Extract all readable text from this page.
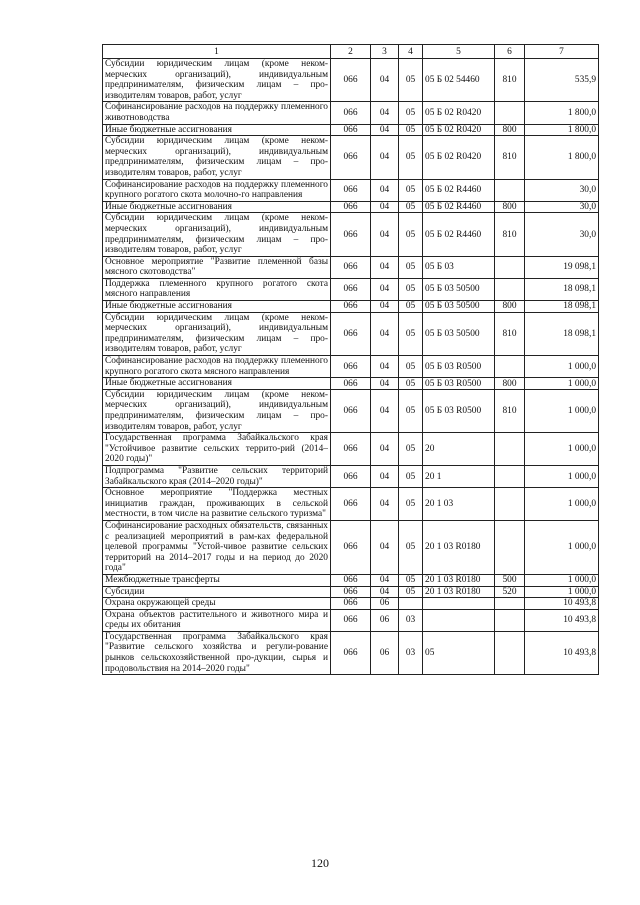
1	2	3	4	5	6	7
Субсидии юридическим лицам (кроме неком-мерческих организаций), индивидуальным предпринимателям, физическим лицам – про-изводителям товаров, работ, услуг	066	04	05	05 Б 02 54460	810	535,9
Софинансирование расходов на поддержку племенного животноводства	066	04	05	05 Б 02 R0420		1 800,0
Иные бюджетные ассигнования	066	04	05	05 Б 02 R0420	800	1 800,0
Субсидии юридическим лицам (кроме неком-мерческих организаций), индивидуальным предпринимателям, физическим лицам – про-изводителям товаров, работ, услуг	066	04	05	05 Б 02 R0420	810	1 800,0
Софинансирование расходов на поддержку племенного крупного рогатого скота молочно-го направления	066	04	05	05 Б 02 R4460		30,0
Иные бюджетные ассигнования	066	04	05	05 Б 02 R4460	800	30,0
Субсидии юридическим лицам (кроме неком-мерческих организаций), индивидуальным предпринимателям, физическим лицам – про-изводителям товаров, работ, услуг	066	04	05	05 Б 02 R4460	810	30,0
Основное мероприятие "Развитие племенной базы мясного скотоводства"	066	04	05	05 Б 03		19 098,1
Поддержка племенного крупного рогатого скота мясного направления	066	04	05	05 Б 03 50500		18 098,1
Иные бюджетные ассигнования	066	04	05	05 Б 03 50500	800	18 098,1
Субсидии юридическим лицам (кроме неком-мерческих организаций), индивидуальным предпринимателям, физическим лицам – про-изводителям товаров, работ, услуг	066	04	05	05 Б 03 50500	810	18 098,1
Софинансирование расходов на поддержку племенного крупного рогатого скота мясного направления	066	04	05	05 Б 03 R0500		1 000,0
Иные бюджетные ассигнования	066	04	05	05 Б 03 R0500	800	1 000,0
Субсидии юридическим лицам (кроме неком-мерческих организаций), индивидуальным предпринимателям, физическим лицам – про-изводителям товаров, работ, услуг	066	04	05	05 Б 03 R0500	810	1 000,0
Государственная программа Забайкальского края "Устойчивое развитие сельских террито-рий (2014–2020 годы)"	066	04	05	20		1 000,0
Подпрограмма "Развитие сельских территорий Забайкальского края (2014–2020 годы)"	066	04	05	20 1		1 000,0
Основное мероприятие "Поддержка местных инициатив граждан, проживающих в сельской местности, в том числе на развитие сельского туризма"	066	04	05	20 1 03		1 000,0
Софинансирование расходных обязательств, связанных с реализацией мероприятий в рам-ках федеральной целевой программы "Устой-чивое развитие сельских территорий на 2014–2017 годы и на период до 2020 года"	066	04	05	20 1 03 R0180		1 000,0
Межбюджетные трансферты	066	04	05	20 1 03 R0180	500	1 000,0
Субсидии	066	04	05	20 1 03 R0180	520	1 000,0
Охрана окружающей среды	066	06				10 493,8
Охрана объектов растительного и животного мира и среды их обитания	066	06	03			10 493,8
Государственная программа Забайкальского края "Развитие сельского хозяйства и регули-рование рынков сельскохозяйственной про-дукции, сырья и продовольствия на 2014–2020 годы"	066	06	03	05		10 493,8
120
